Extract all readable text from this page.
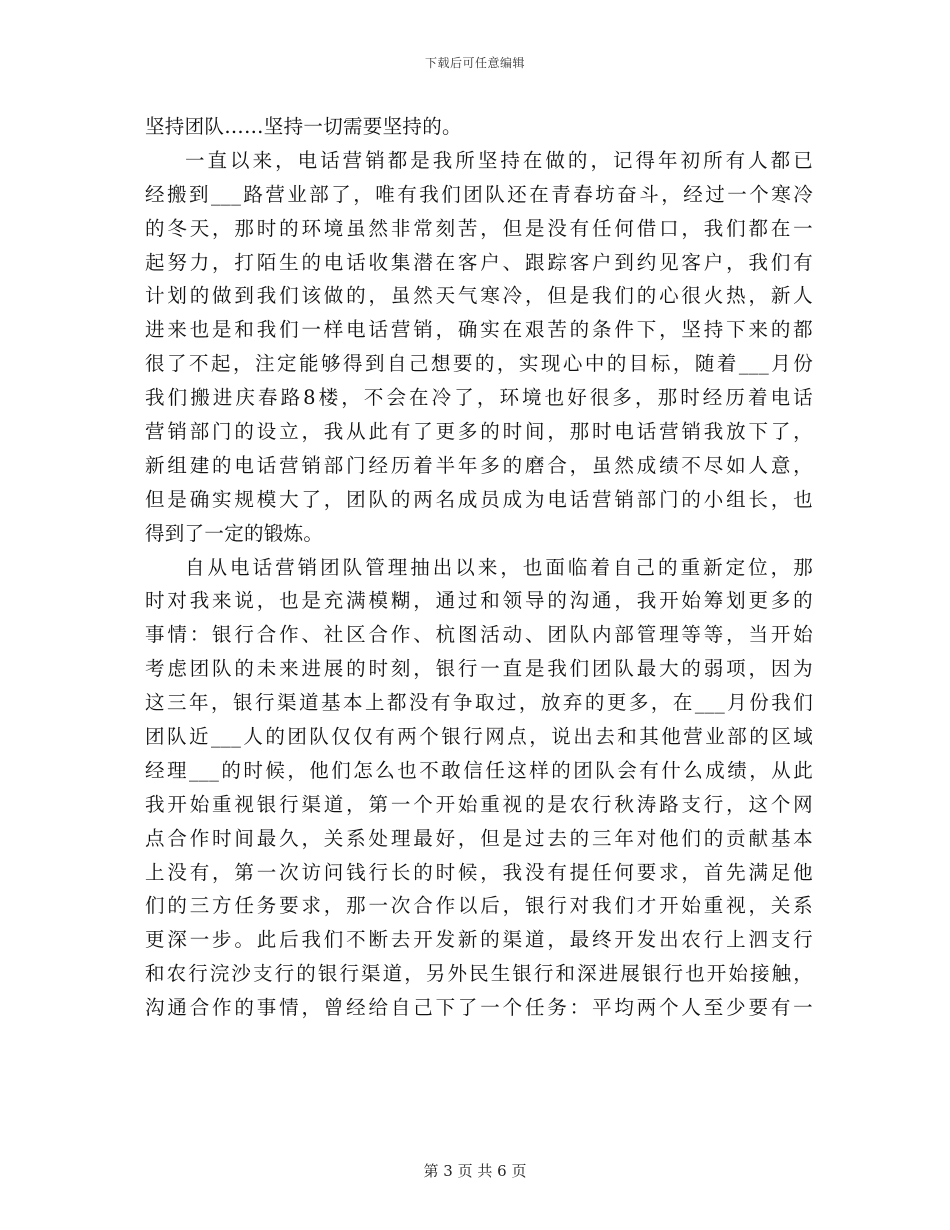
下载后可任意编辑
坚持团队……坚持一切需要坚持的。
一直以来，电话营销都是我所坚持在做的，记得年初所有人都已
经搬到___路营业部了，唯有我们团队还在青春坊奋斗，经过一个寒冷
的冬天，那时的环境虽然非常刻苦，但是没有任何借口，我们都在一
起努力，打陌生的电话收集潜在客户、跟踪客户到约见客户，我们有
计划的做到我们该做的，虽然天气寒冷，但是我们的心很火热，新人
进来也是和我们一样电话营销，确实在艰苦的条件下，坚持下来的都
很了不起，注定能够得到自己想要的，实现心中的目标，随着___月份
我们搬进庆春路8楼，不会在冷了，环境也好很多，那时经历着电话
营销部门的设立，我从此有了更多的时间，那时电话营销我放下了，
新组建的电话营销部门经历着半年多的磨合，虽然成绩不尽如人意，
但是确实规模大了，团队的两名成员成为电话营销部门的小组长，也
得到了一定的锻炼。
自从电话营销团队管理抽出以来，也面临着自己的重新定位，那
时对我来说，也是充满模糊，通过和领导的沟通，我开始筹划更多的
事情：银行合作、社区合作、杭图活动、团队内部管理等等，当开始
考虑团队的未来进展的时刻，银行一直是我们团队最大的弱项，因为
这三年，银行渠道基本上都没有争取过，放弃的更多，在___月份我们
团队近___人的团队仅仅有两个银行网点，说出去和其他营业部的区域
经理___的时候，他们怎么也不敢信任这样的团队会有什么成绩，从此
我开始重视银行渠道，第一个开始重视的是农行秋涛路支行，这个网
点合作时间最久，关系处理最好，但是过去的三年对他们的贡献基本
上没有，第一次访问钱行长的时候，我没有提任何要求，首先满足他
们的三方任务要求，那一次合作以后，银行对我们才开始重视，关系
更深一步。此后我们不断去开发新的渠道，最终开发出农行上泗支行
和农行浣沙支行的银行渠道，另外民生银行和深进展银行也开始接触，
沟通合作的事情，曾经给自己下了一个任务：平均两个人至少要有一
第 3 页 共 6 页
